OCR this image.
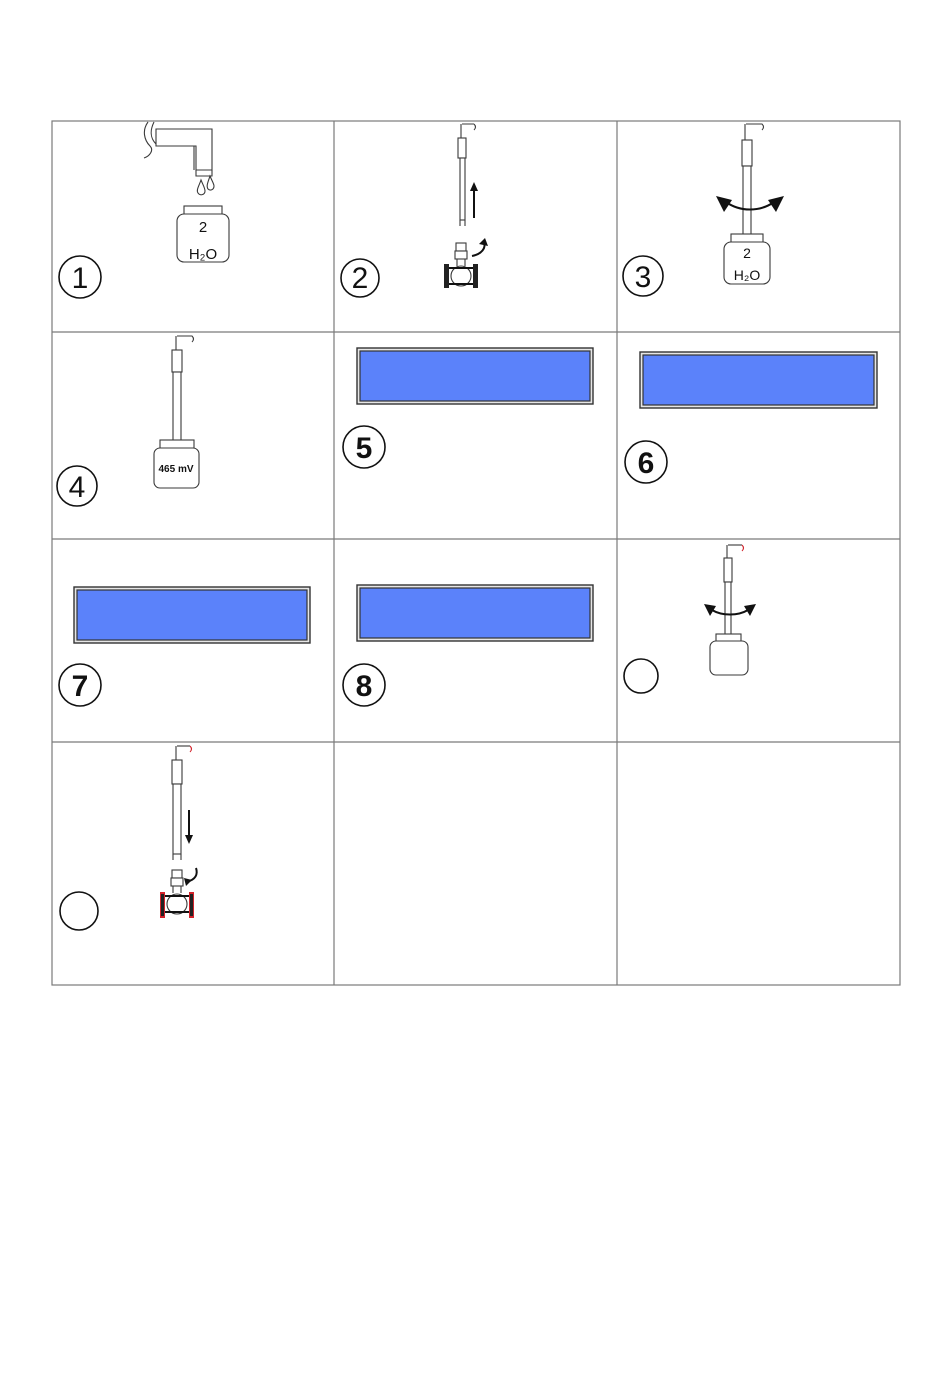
2
H₂O
1	2
2
H₂O
3
465 mV
4
5	6
7	8
